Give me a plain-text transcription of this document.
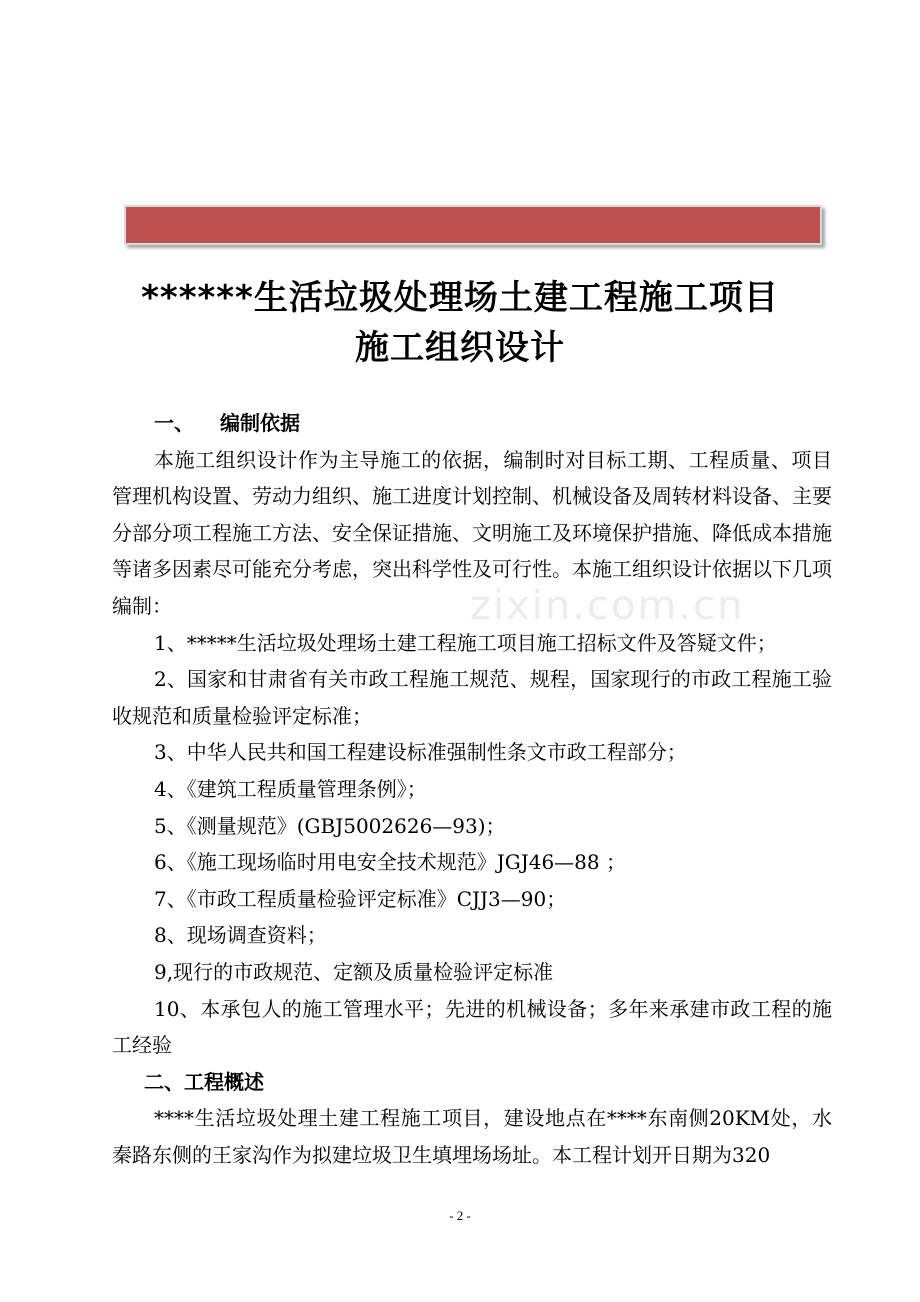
******生活垃圾处理场土建工程施工项目
施工组织设计
zixin.com.cn
一、 编制依据

本施工组织设计作为主导施工的依据，编制时对目标工期、工程质量、项目管理机构设置、劳动力组织、施工进度计划控制、机械设备及周转材料设备、主要分部分项工程施工方法、安全保证措施、文明施工及环境保护措施、降低成本措施等诸多因素尽可能充分考虑，突出科学性及可行性。本施工组织设计依据以下几项编制：

1、*****生活垃圾处理场土建工程施工项目施工招标文件及答疑文件；

2、国家和甘肃省有关市政工程施工规范、规程，国家现行的市政工程施工验收规范和质量检验评定标准；

3、中华人民共和国工程建设标准强制性条文市政工程部分；

4、《建筑工程质量管理条例》；

5、《测量规范》(GBJ5002626—93)；

6、《施工现场临时用电安全技术规范》JGJ46—88 ；

7、《市政工程质量检验评定标准》CJJ3—90；

8、现场调查资料；

9,现行的市政规范、定额及质量检验评定标准

10、本承包人的施工管理水平；先进的机械设备；多年来承建市政工程的施工经验

二、工程概述

****生活垃圾处理土建工程施工项目，建设地点在****东南侧20KM处，水秦路东侧的王家沟作为拟建垃圾卫生填埋场场址。本工程计划开日期为320

- 2 -
